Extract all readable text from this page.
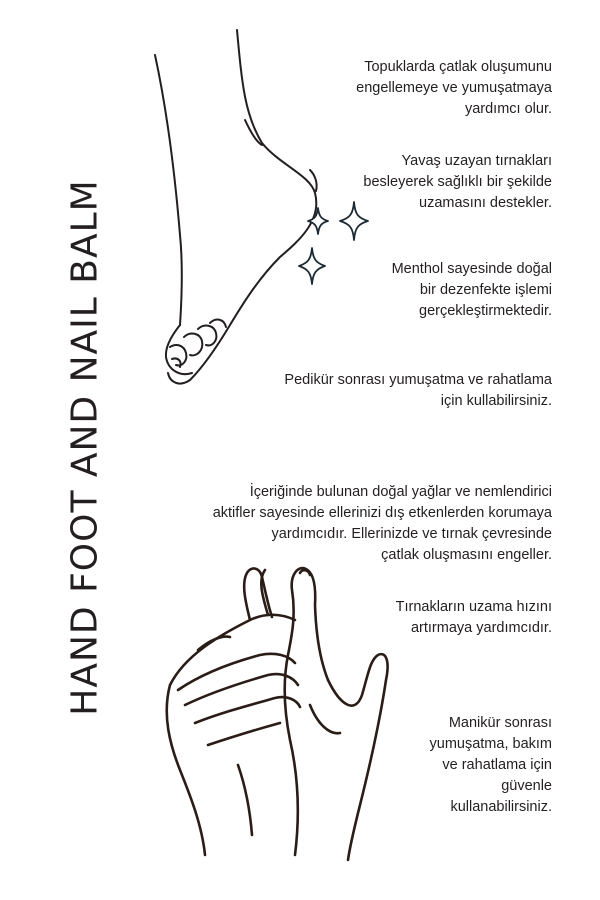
HAND FOOT AND NAIL BALM
Topuklarda çatlak oluşumunu
engellemeye ve yumuşatmaya
yardımcı olur.
Yavaş uzayan tırnakları
besleyerek sağlıklı bir şekilde
uzamasını destekler.
Menthol sayesinde doğal
bir dezenfekte işlemi
gerçekleştirmektedir.
Pedikür sonrası yumuşatma ve rahatlama
için kullabilirsiniz.
İçeriğinde bulunan doğal yağlar ve nemlendirici
aktifler sayesinde ellerinizi dış etkenlerden korumaya
yardımcıdır. Ellerinizde ve tırnak çevresinde
çatlak oluşmasını engeller.
Tırnakların uzama hızını
artırmaya yardımcıdır.
Manikür sonrası
yumuşatma, bakım
ve rahatlama için
güvenle
kullanabilirsiniz.
